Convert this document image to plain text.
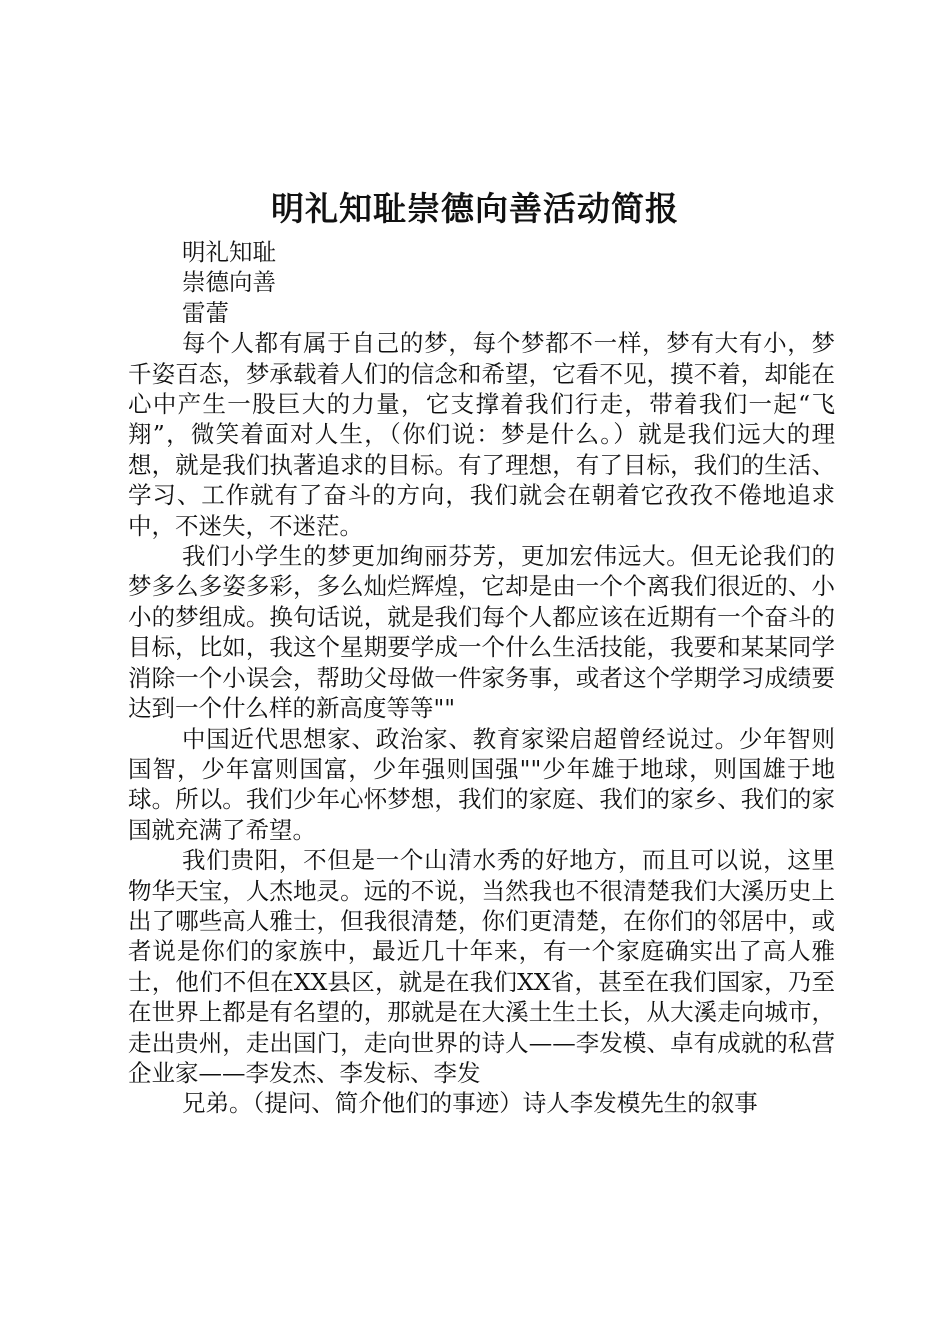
明礼知耻崇德向善活动简报

明礼知耻

崇德向善

雷蕾

每个人都有属于自己的梦，每个梦都不一样，梦有大有小，梦千姿百态，梦承载着人们的信念和希望，它看不见，摸不着，却能在心中产生一股巨大的力量，它支撑着我们行走，带着我们一起“飞翔”，微笑着面对人生，（你们说：梦是什么。）就是我们远大的理想，就是我们执著追求的目标。有了理想，有了目标，我们的生活、学习、工作就有了奋斗的方向，我们就会在朝着它孜孜不倦地追求中，不迷失，不迷茫。

我们小学生的梦更加绚丽芬芳，更加宏伟远大。但无论我们的梦多么多姿多彩，多么灿烂辉煌，它却是由一个个离我们很近的、小小的梦组成。换句话说，就是我们每个人都应该在近期有一个奋斗的目标，比如，我这个星期要学成一个什么生活技能，我要和某某同学消除一个小误会，帮助父母做一件家务事，或者这个学期学习成绩要达到一个什么样的新高度等等""

中国近代思想家、政治家、教育家梁启超曾经说过。少年智则国智，少年富则国富，少年强则国强""少年雄于地球，则国雄于地球。所以。我们少年心怀梦想，我们的家庭、我们的家乡、我们的家国就充满了希望。

我们贵阳，不但是一个山清水秀的好地方，而且可以说，这里物华天宝，人杰地灵。远的不说，当然我也不很清楚我们大溪历史上出了哪些高人雅士，但我很清楚，你们更清楚，在你们的邻居中，或者说是你们的家族中，最近几十年来，有一个家庭确实出了高人雅士，他们不但在XX县区，就是在我们XX省，甚至在我们国家，乃至在世界上都是有名望的，那就是在大溪土生土长，从大溪走向城市，走出贵州，走出国门，走向世界的诗人——李发模、卓有成就的私营企业家——李发杰、李发标、李发

兄弟。（提问、简介他们的事迹）诗人李发模先生的叙事
